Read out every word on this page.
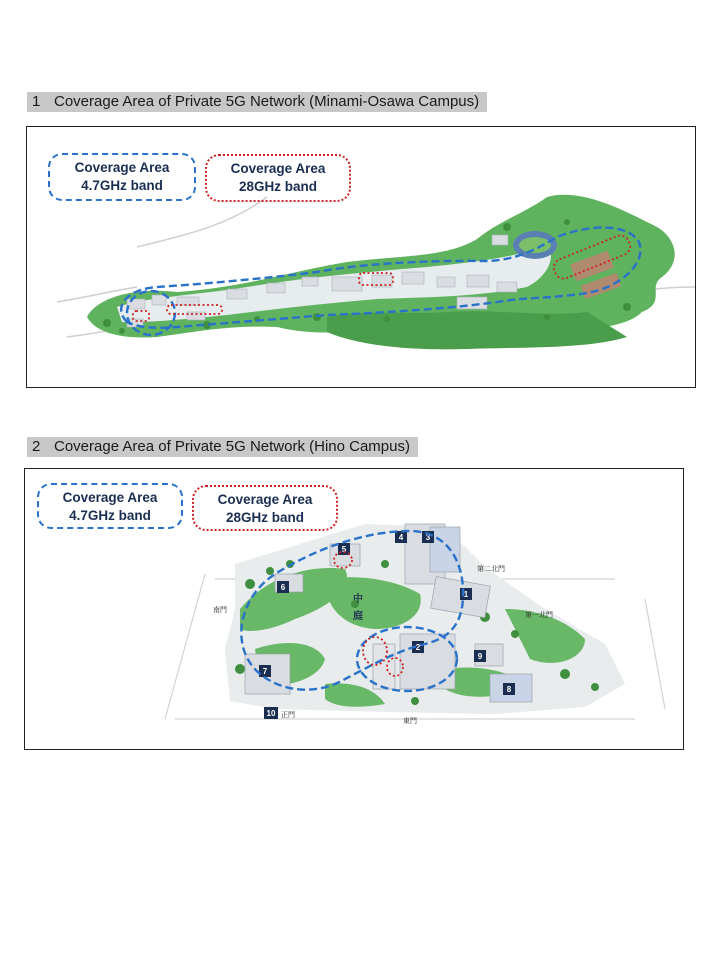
1 Coverage Area of Private 5G Network (Minami-Osawa Campus)
Coverage Area
4.7GHz band
Coverage Area
28GHz band
2 Coverage Area of Private 5G Network (Hino Campus)
1
2
3
4
5
6
7
8
9
10
中
庭
南門
正門
東門
第一北門
第二北門
Coverage Area
4.7GHz band
Coverage Area
28GHz band
